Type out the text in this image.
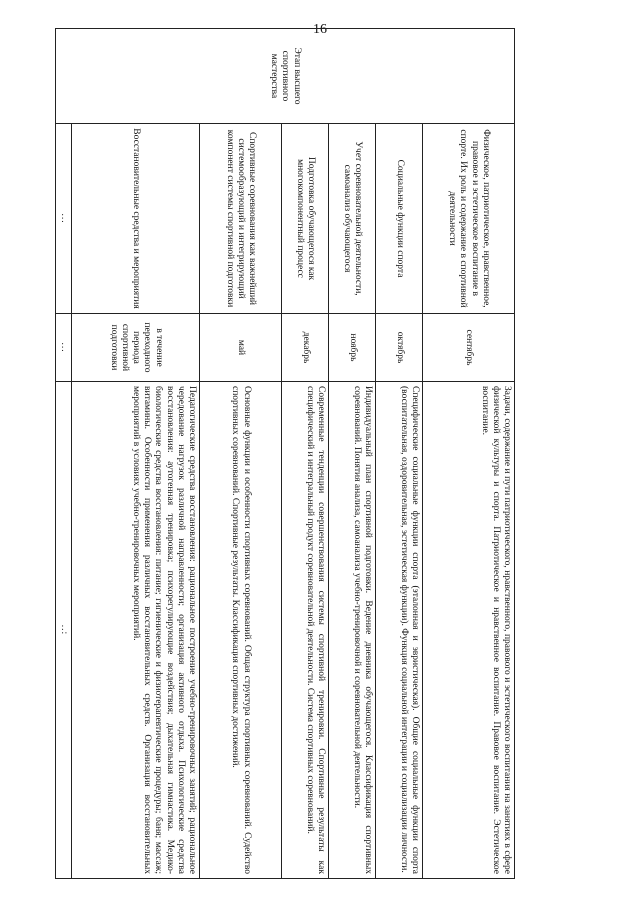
16
Этап высшего спортивного мастерства	Физическое, патриотическое, нравственное, правовое и эстетическое воспитание в спорте. Их роль и содержание в спортивной деятельности	сентябрь	Задачи, содержание и пути патриотического, нравственного, правового и эстетического воспитания на занятиях в сфере физической культуры и спорта. Патриотическое и нравственное воспитание. Правовое воспитание. Эстетическое воспитание.
	Социальные функции спорта	октябрь	Специфические социальные функции спорта (эталонная и эвристическая). Общие социальные функции спорта (воспитательная, оздоровительная, эстетическая функции). Функция социальной интеграции и социализации личности.
	Учет соревновательной деятельности, самоанализ обучающегося	ноябрь	Индивидуальный план спортивной подготовки. Ведение дневника обучающегося. Классификация спортивных соревнований. Понятия анализа, самоанализа учебно-тренировочной и соревновательной деятельности.
	Подготовка обучающегося как многокомпонентный процесс	декабрь	Современные тенденции совершенствования системы спортивной тренировки. Спортивные результаты как специфический и интегральный продукт соревновательной деятельности. Система спортивных соревнований.
	Спортивные соревнования как важнейший системообразующий и интегрирующий компонент системы спортивной подготовки	май	Основные функции и особенности спортивных соревнований. Общая структура спортивных соревнований. Судейство спортивных соревнований. Спортивные результаты. Классификация спортивных достижений.
	Восстановительные средства и мероприятия	в течение переходного периода спортивной подготовки	Педагогические средства восстановления: рациональное построение учебно-тренировочных занятий; рациональное чередование нагрузок различной направленности; организация активного отдыха. Психологические средства восстановления: аутогенная тренировка; психорегулирующие воздействия; дыхательная гимнастика. Медико-биологические средства восстановления: питание; гигиенические и физиотерапевтические процедуры; баня; массаж; витамины. Особенности применения различных восстановительных средств. Организация восстановительных мероприятий в условиях учебно-тренировочных мероприятий.
	...	...	..:
